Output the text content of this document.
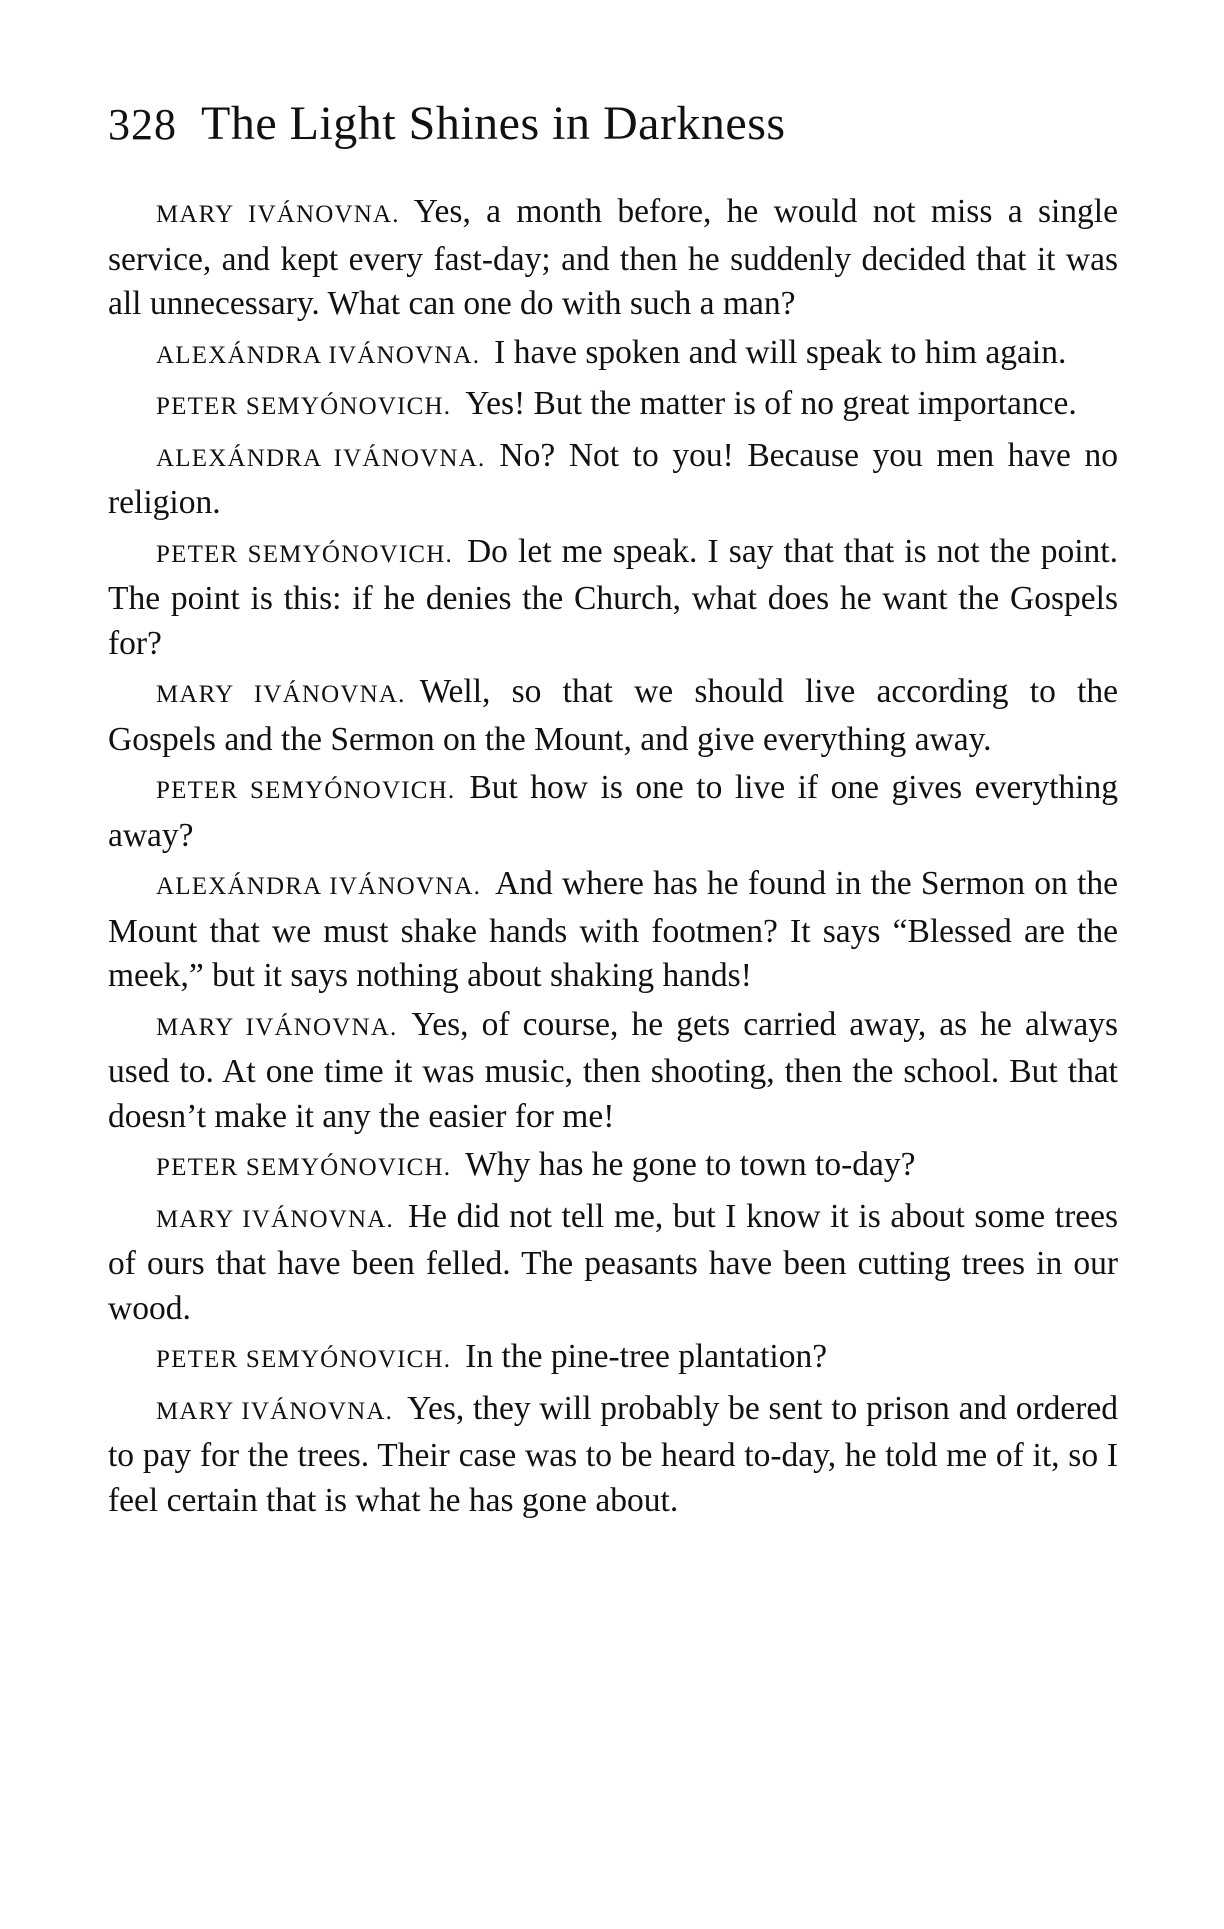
328 The Light Shines in Darkness

MARY IVÁNOVNA. Yes, a month before, he would not miss a single service, and kept every fast-day; and then he suddenly decided that it was all unnecessary. What can one do with such a man?

ALEXÁNDRA IVÁNOVNA. I have spoken and will speak to him again.

PETER SEMYÓNOVICH. Yes! But the matter is of no great importance.

ALEXÁNDRA IVÁNOVNA. No? Not to you! Because you men have no religion.

PETER SEMYÓNOVICH. Do let me speak. I say that that is not the point. The point is this: if he denies the Church, what does he want the Gospels for?

MARY IVÁNOVNA. Well, so that we should live according to the Gospels and the Sermon on the Mount, and give everything away.

PETER SEMYÓNOVICH. But how is one to live if one gives everything away?

ALEXÁNDRA IVÁNOVNA. And where has he found in the Sermon on the Mount that we must shake hands with footmen? It says “Blessed are the meek,” but it says nothing about shaking hands!

MARY IVÁNOVNA. Yes, of course, he gets carried away, as he always used to. At one time it was music, then shooting, then the school. But that doesn’t make it any the easier for me!

PETER SEMYÓNOVICH. Why has he gone to town to-day?

MARY IVÁNOVNA. He did not tell me, but I know it is about some trees of ours that have been felled. The peasants have been cutting trees in our wood.

PETER SEMYÓNOVICH. In the pine-tree plantation?

MARY IVÁNOVNA. Yes, they will probably be sent to prison and ordered to pay for the trees. Their case was to be heard to-day, he told me of it, so I feel certain that is what he has gone about.
